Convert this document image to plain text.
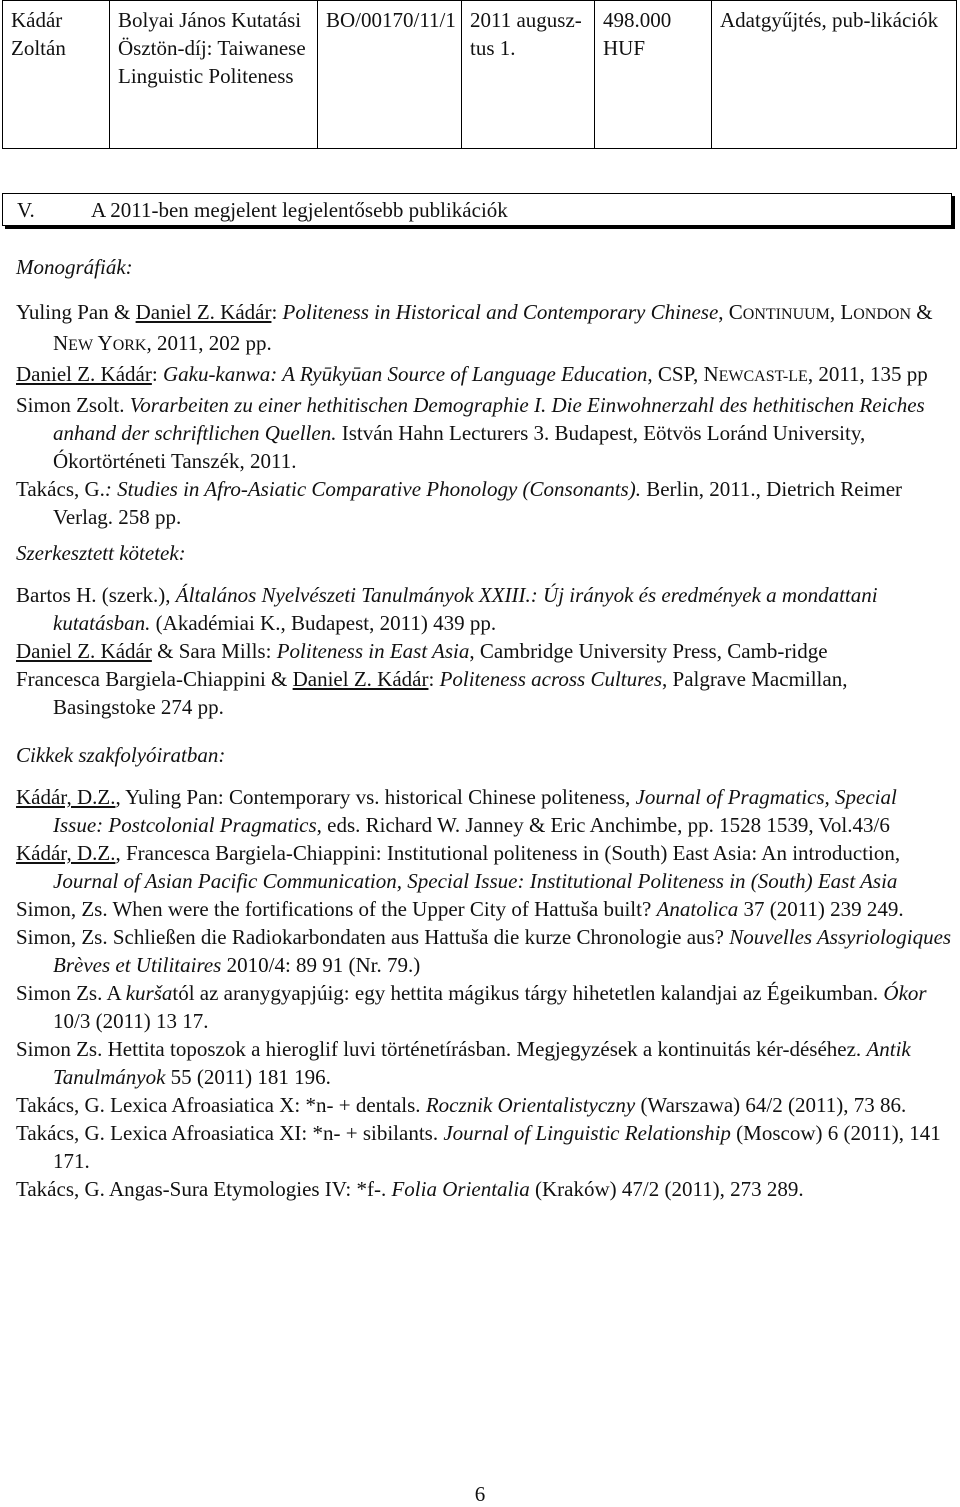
Kádár Zoltán	Bolyai János Kutatási Ösztön-díj: Taiwanese Linguistic Politeness	BO/00170/11/1	2011 augusz-tus 1.	498.000 HUF	Adatgyűjtés, pub-likációk
V.	A 2011-ben megjelent legjelentősebb publikációk

Monográfiák:

Yuling Pan & Daniel Z. Kádár: Politeness in Historical and Contemporary Chinese, CONTINUUM, LONDON & NEW YORK, 2011, 202 pp.

Daniel Z. Kádár: Gaku-kanwa: A Ryūkyūan Source of Language Education, CSP, NEWCAST-LE, 2011, 135 pp

Simon Zsolt. Vorarbeiten zu einer hethitischen Demographie I. Die Einwohnerzahl des hethitischen Reiches anhand der schriftlichen Quellen. István Hahn Lecturers 3. Budapest, Eötvös Loránd University, Ókortörténeti Tanszék, 2011.

Takács, G.: Studies in Afro-Asiatic Comparative Phonology (Consonants). Berlin, 2011., Dietrich Reimer Verlag. 258 pp.

Szerkesztett kötetek:

Bartos H. (szerk.), Általános Nyelvészeti Tanulmányok XXIII.: Új irányok és eredmények a mondattani kutatásban. (Akadémiai K., Budapest, 2011) 439 pp.

Daniel Z. Kádár & Sara Mills: Politeness in East Asia, Cambridge University Press, Camb-ridge

Francesca Bargiela-Chiappini & Daniel Z. Kádár: Politeness across Cultures, Palgrave Macmillan, Basingstoke 274 pp.

Cikkek szakfolyóiratban:

Kádár, D.Z., Yuling Pan: Contemporary vs. historical Chinese politeness, Journal of Pragmatics, Special Issue: Postcolonial Pragmatics, eds. Richard W. Janney & Eric Anchimbe, pp. 1528 1539, Vol.43/6

Kádár, D.Z., Francesca Bargiela-Chiappini: Institutional politeness in (South) East Asia: An introduction, Journal of Asian Pacific Communication, Special Issue: Institutional Politeness in (South) East Asia

Simon, Zs. When were the fortifications of the Upper City of Hattuša built? Anatolica 37 (2011) 239 249.

Simon, Zs. Schließen die Radiokarbondaten aus Hattuša die kurze Chronologie aus? Nouvelles Assyriologiques Brèves et Utilitaires 2010/4: 89 91 (Nr. 79.)

Simon Zs. A kuršatól az aranygyapjúig: egy hettita mágikus tárgy hihetetlen kalandjai az Égeikumban. Ókor 10/3 (2011) 13 17.

Simon Zs. Hettita toposzok a hieroglif luvi történetírásban. Megjegyzések a kontinuitás kér-déséhez. Antik Tanulmányok 55 (2011) 181 196.

Takács, G. Lexica Afroasiatica X: *n- + dentals. Rocznik Orientalistyczny (Warszawa) 64/2 (2011), 73 86.

Takács, G. Lexica Afroasiatica XI: *n- + sibilants. Journal of Linguistic Relationship (Moscow) 6 (2011), 141 171.

Takács, G. Angas-Sura Etymologies IV: *f-. Folia Orientalia (Kraków) 47/2 (2011), 273 289.

6
